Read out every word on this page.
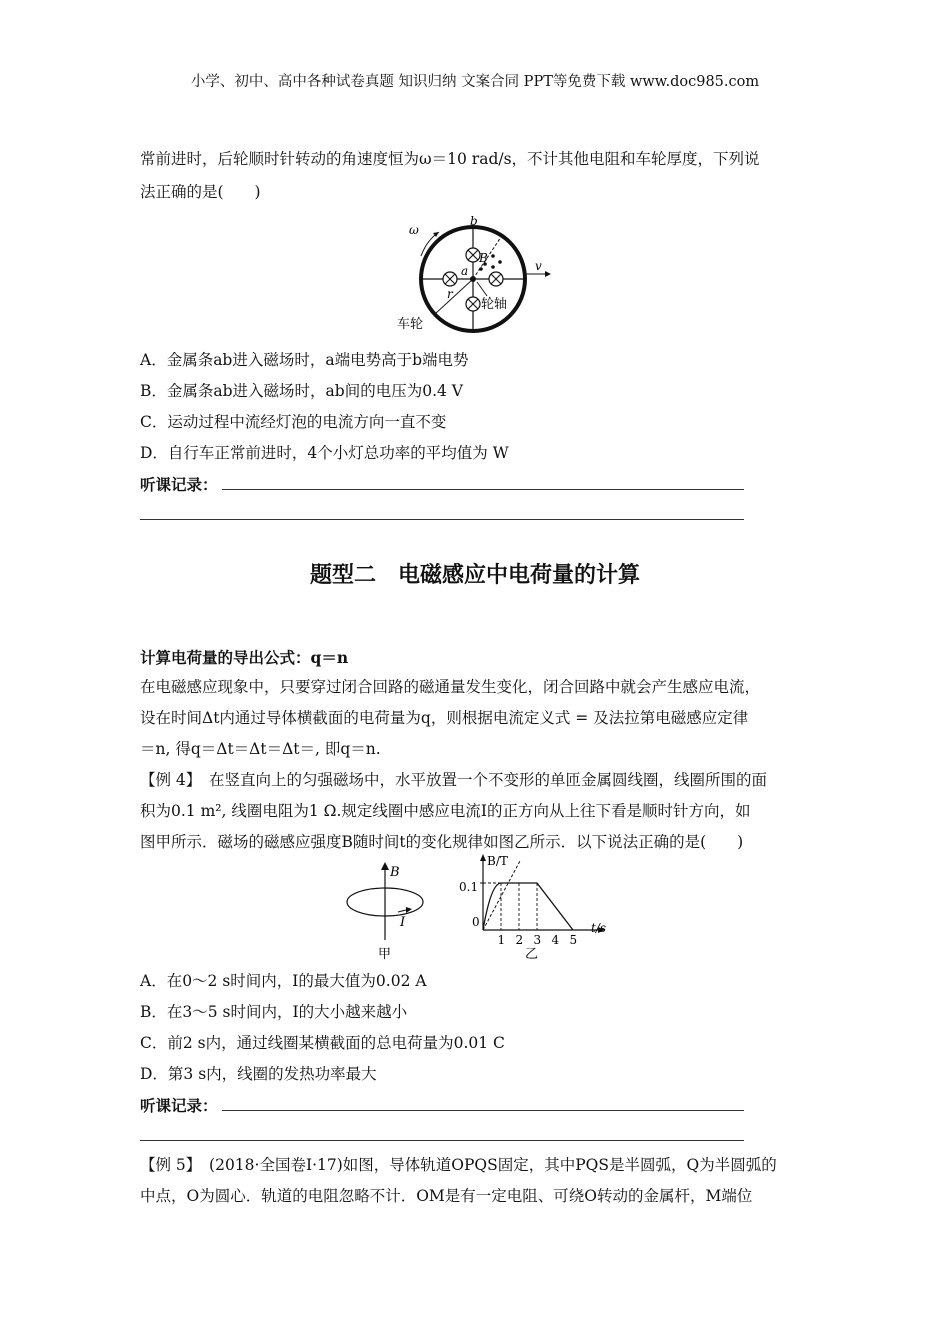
小学、初中、高中各种试卷真题 知识归纳 文案合同 PPT等免费下载 www.doc985.com
常前进时，后轮顺时针转动的角速度恒为ω＝10 rad/s，不计其他电阻和车轮厚度，下列说
法正确的是(　　)
ω
b
B
a
r
v
轮轴
车轮
A．金属条ab进入磁场时，a端电势高于b端电势
B．金属条ab进入磁场时，ab间的电压为0.4 V
C．运动过程中流经灯泡的电流方向一直不变
D．自行车正常前进时，4个小灯总功率的平均值为 W
听课记录：
题型二　电磁感应中电荷量的计算
计算电荷量的导出公式：q＝n
在电磁感应现象中，只要穿过闭合回路的磁通量发生变化，闭合回路中就会产生感应电流，
设在时间Δt内通过导体横截面的电荷量为q，则根据电流定义式 = 及法拉第电磁感应定律
＝n, 得q＝Δt＝Δt＝Δt＝, 即q＝n.
【例 4】　在竖直向上的匀强磁场中，水平放置一个不变形的单匝金属圆线圈，线圈所围的面
积为0.1 m², 线圈电阻为1 Ω.规定线圈中感应电流I的正方向从上往下看是顺时针方向，如
图甲所示．磁场的磁感应强度B随时间t的变化规律如图乙所示．以下说法正确的是(　　)
B
I
甲
B/T
0.1
0
1 2 3 4 5
t/s
乙
A．在0～2 s时间内，I的最大值为0.02 A
B．在3～5 s时间内，I的大小越来越小
C．前2 s内，通过线圈某横截面的总电荷量为0.01 C
D．第3 s内，线圈的发热功率最大
听课记录：
【例 5】　(2018·全国卷Ⅰ·17)如图，导体轨道OPQS固定，其中PQS是半圆弧，Q为半圆弧的
中点，O为圆心．轨道的电阻忽略不计．OM是有一定电阻、可绕O转动的金属杆，M端位
